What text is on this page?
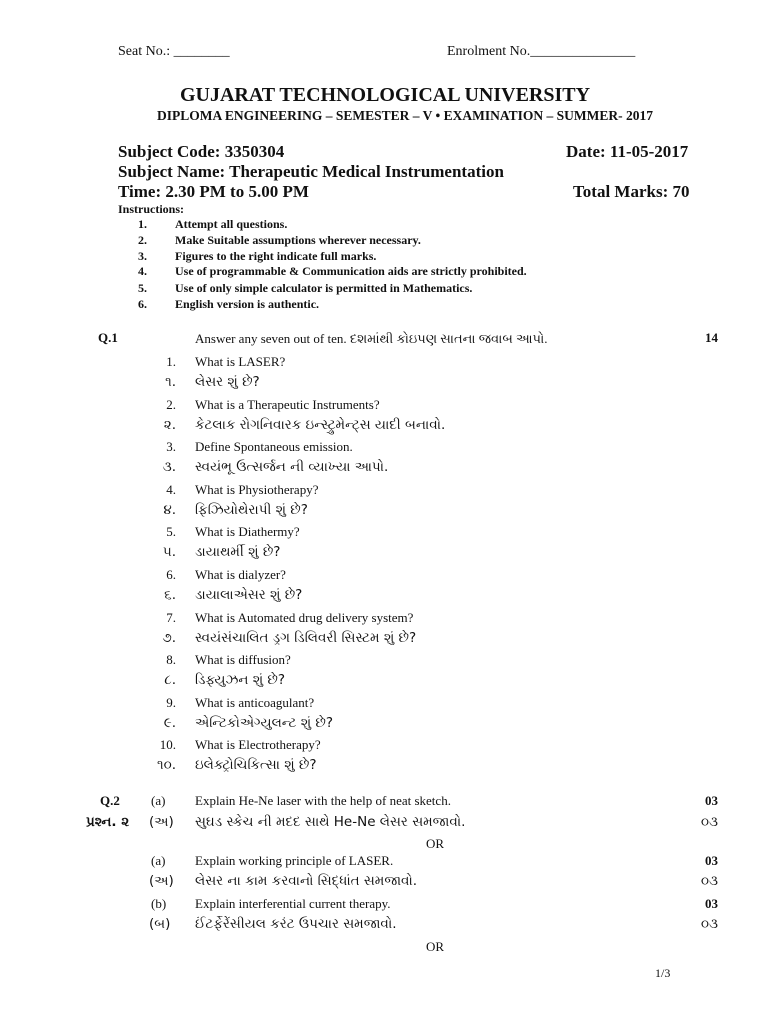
Seat No.: ________	Enrolment No._______________
GUJARAT TECHNOLOGICAL UNIVERSITY
DIPLOMA ENGINEERING – SEMESTER – V • EXAMINATION – SUMMER- 2017
Subject Code: 3350304	Date: 11-05-2017
Subject Name: Therapeutic Medical Instrumentation
Time: 2.30 PM to 5.00 PM	Total Marks: 70
Instructions:
1. Attempt all questions.
2. Make Suitable assumptions wherever necessary.
3. Figures to the right indicate full marks.
4. Use of programmable & Communication aids are strictly prohibited.
5. Use of only simple calculator is permitted in Mathematics.
6. English version is authentic.
Q.1	Answer any seven out of ten. દશમાંથી કોઇપણ સાતના જવાબ આપો.	14
1. What is LASER?
૧. લેસર શું છે?
2. What is a Therapeutic Instruments?
૨. કેટલાક રોગનિવારક ઇન્સ્ટ્રુમેન્ટ્સ યાદી બનાવો.
3. Define Spontaneous emission.
૩. સ્વયંભૂ ઉત્સર્જન ની વ્યાખ્યા આપો.
4. What is Physiotherapy?
૪. ફિઝિયોથેરાપી શું છે?
5. What is Diathermy?
૫. ડાયાથર્મી શું છે?
6. What is dialyzer?
૬. ડાયાલાએસર શું છે?
7. What is Automated drug delivery system?
૭. સ્વયંસંચાલિત ડ્રગ ડિલિવરી સિસ્ટમ શું છે?
8. What is diffusion?
૮. ડિફ્યુઝન શું છે?
9. What is anticoagulant?
૯. એન્ટિકોએગ્યુલન્ટ શું છે?
10. What is Electrotherapy?
૧૦. ઇલેક્ટ્રોચિકિત્સા શું છે?
Q.2 (a) Explain He-Ne laser with the help of neat sketch.	03
પ્રશ્ન. ૨ (અ) સુઘડ સ્કેચ ની મદદ સાથે He-Ne લેસર સમજાવો.	૦૩
OR
(a) Explain working principle of LASER.	03
(અ) લેસર ના કામ કરવાનો સિદ્ધાંત સમજાવો.	૦૩
(b) Explain interferential current therapy.	03
(બ) ઈંટર્ફેરેંસીયલ કરંટ ઉપચાર સમજાવો.	૦૩
OR
1/3
